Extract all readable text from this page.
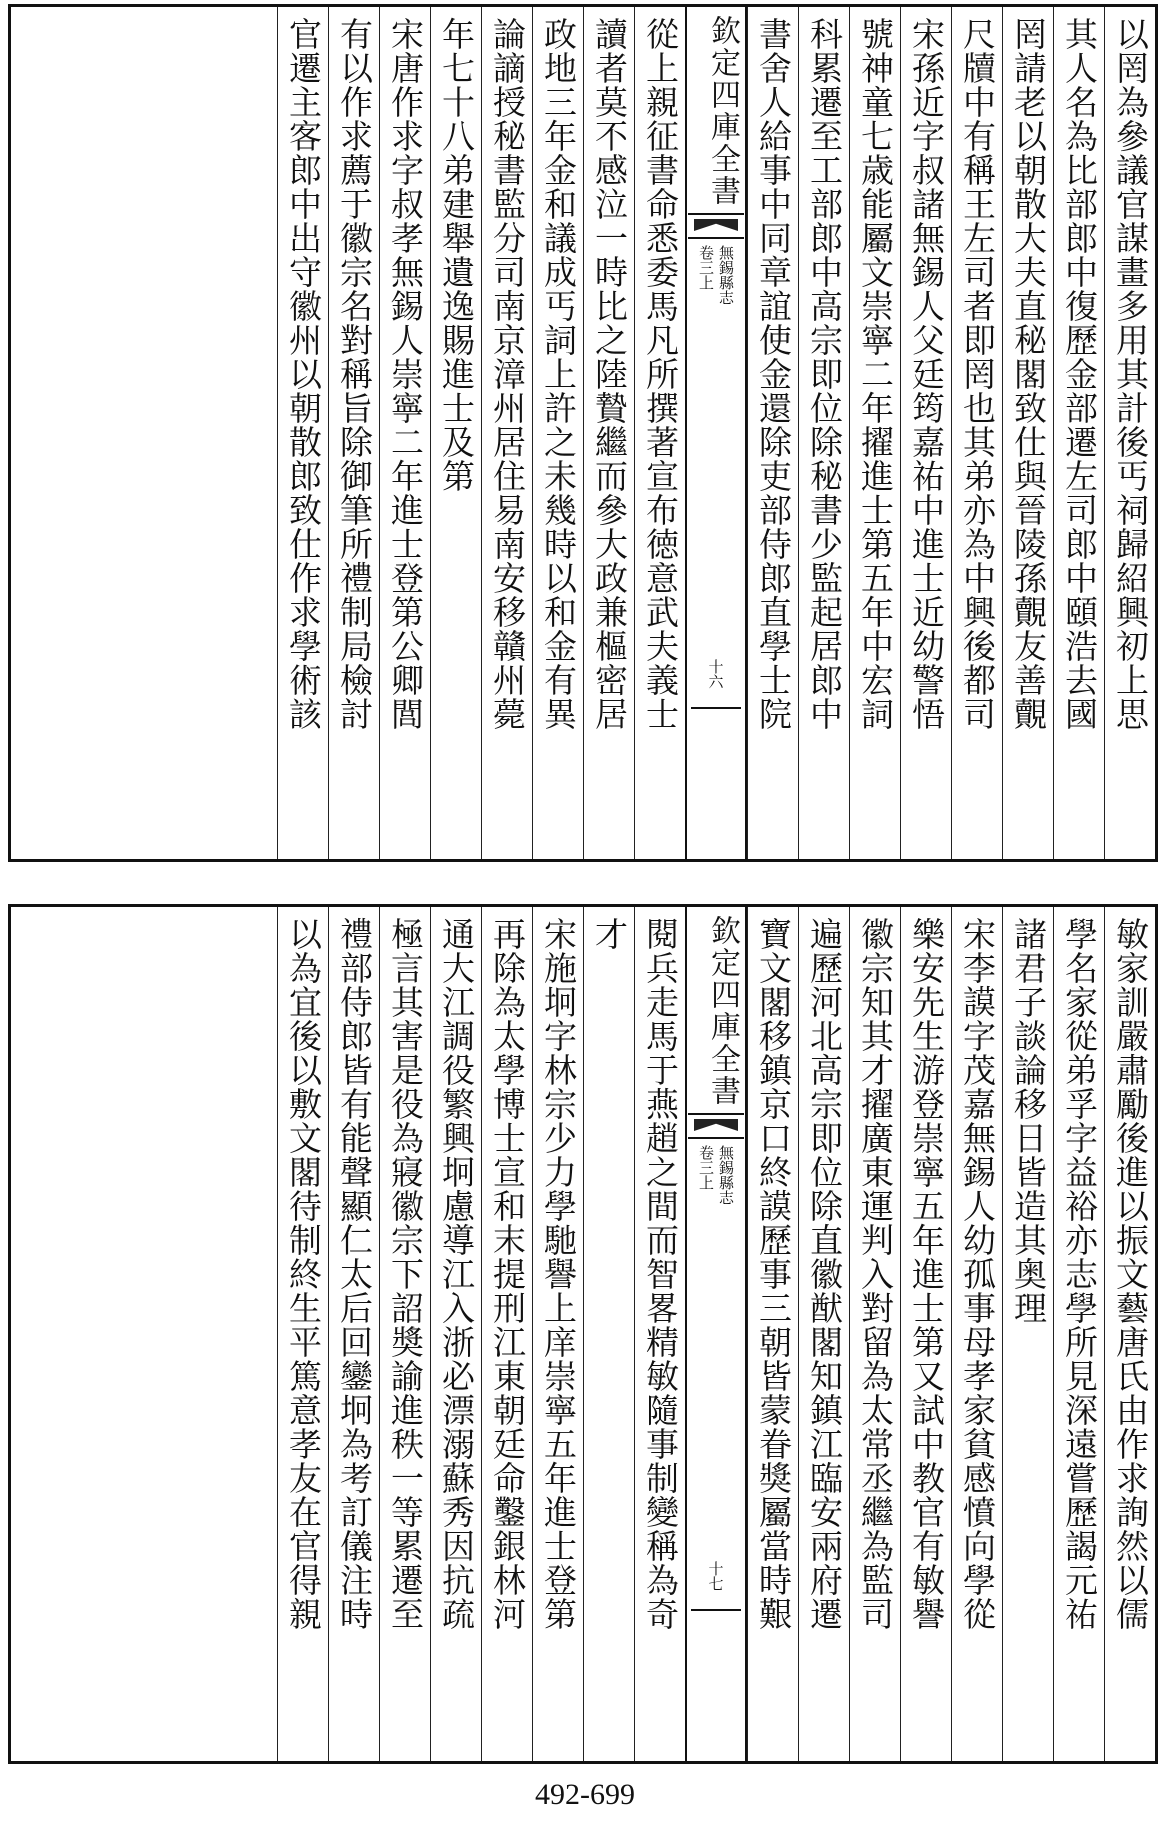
以罔為參議官謀畫多用其計後丐祠歸紹興初上思
其人名為比部郎中復歷金部遷左司郎中頤浩去國
罔請老以朝散大夫直秘閣致仕與晉陵孫覿友善覿
尺牘中有稱王左司者即罔也其弟亦為中興後都司
宋孫近字叔諸無錫人父廷筠嘉祐中進士近幼警悟
號神童七歳能屬文崇寧二年擢進士第五年中宏詞
科累遷至工部郎中高宗即位除秘書少監起居郎中
書舍人給事中同章誼使金還除吏部侍郎直學士院
欽定四庫全書
無錫縣志
卷三上
十六
從上親征書命悉委馬凡所撰著宣布徳意武夫義士
讀者莫不感泣一時比之陸贄繼而參大政兼樞密居
政地三年金和議成丐詞上許之未幾時以和金有異
論謫授秘書監分司南京漳州居住易南安移贛州薨
年七十八弟建舉遺逸賜進士及第
宋唐作求字叔孝無錫人崇寧二年進士登第公卿閭
有以作求薦于徽宗名對稱旨除御筆所禮制局檢討
官遷主客郎中出守徽州以朝散郎致仕作求學術該
敏家訓嚴肅勵後進以振文藝唐氏由作求詢然以儒
學名家從弟孚字益裕亦志學所見深遠嘗歷謁元祐
諸君子談論移日皆造其奥理
宋李謨字茂嘉無錫人幼孤事母孝家貧感憤向學從
樂安先生游登崇寧五年進士第又試中教官有敏譽
徽宗知其才擢廣東運判入對留為太常丞繼為監司
遍歷河北高宗即位除直徽猷閣知鎮江臨安兩府遷
寶文閣移鎮京口終謨歷事三朝皆蒙眷獎屬當時艱
欽定四庫全書
無錫縣志
卷三上
十七
閱兵走馬于燕趙之間而智畧精敏隨事制變稱為奇
才
宋施坰字林宗少力學馳譽上庠崇寧五年進士登第
再除為太學博士宣和末提刑江東朝廷命鑿銀林河
通大江調役繁興坰慮導江入浙必漂溺蘇秀因抗疏
極言其害是役為寢徽宗下詔奬諭進秩一等累遷至
禮部侍郎皆有能聲顯仁太后回鑾坰為考訂儀注時
以為宜後以敷文閣待制終生平篤意孝友在官得親
492-699
